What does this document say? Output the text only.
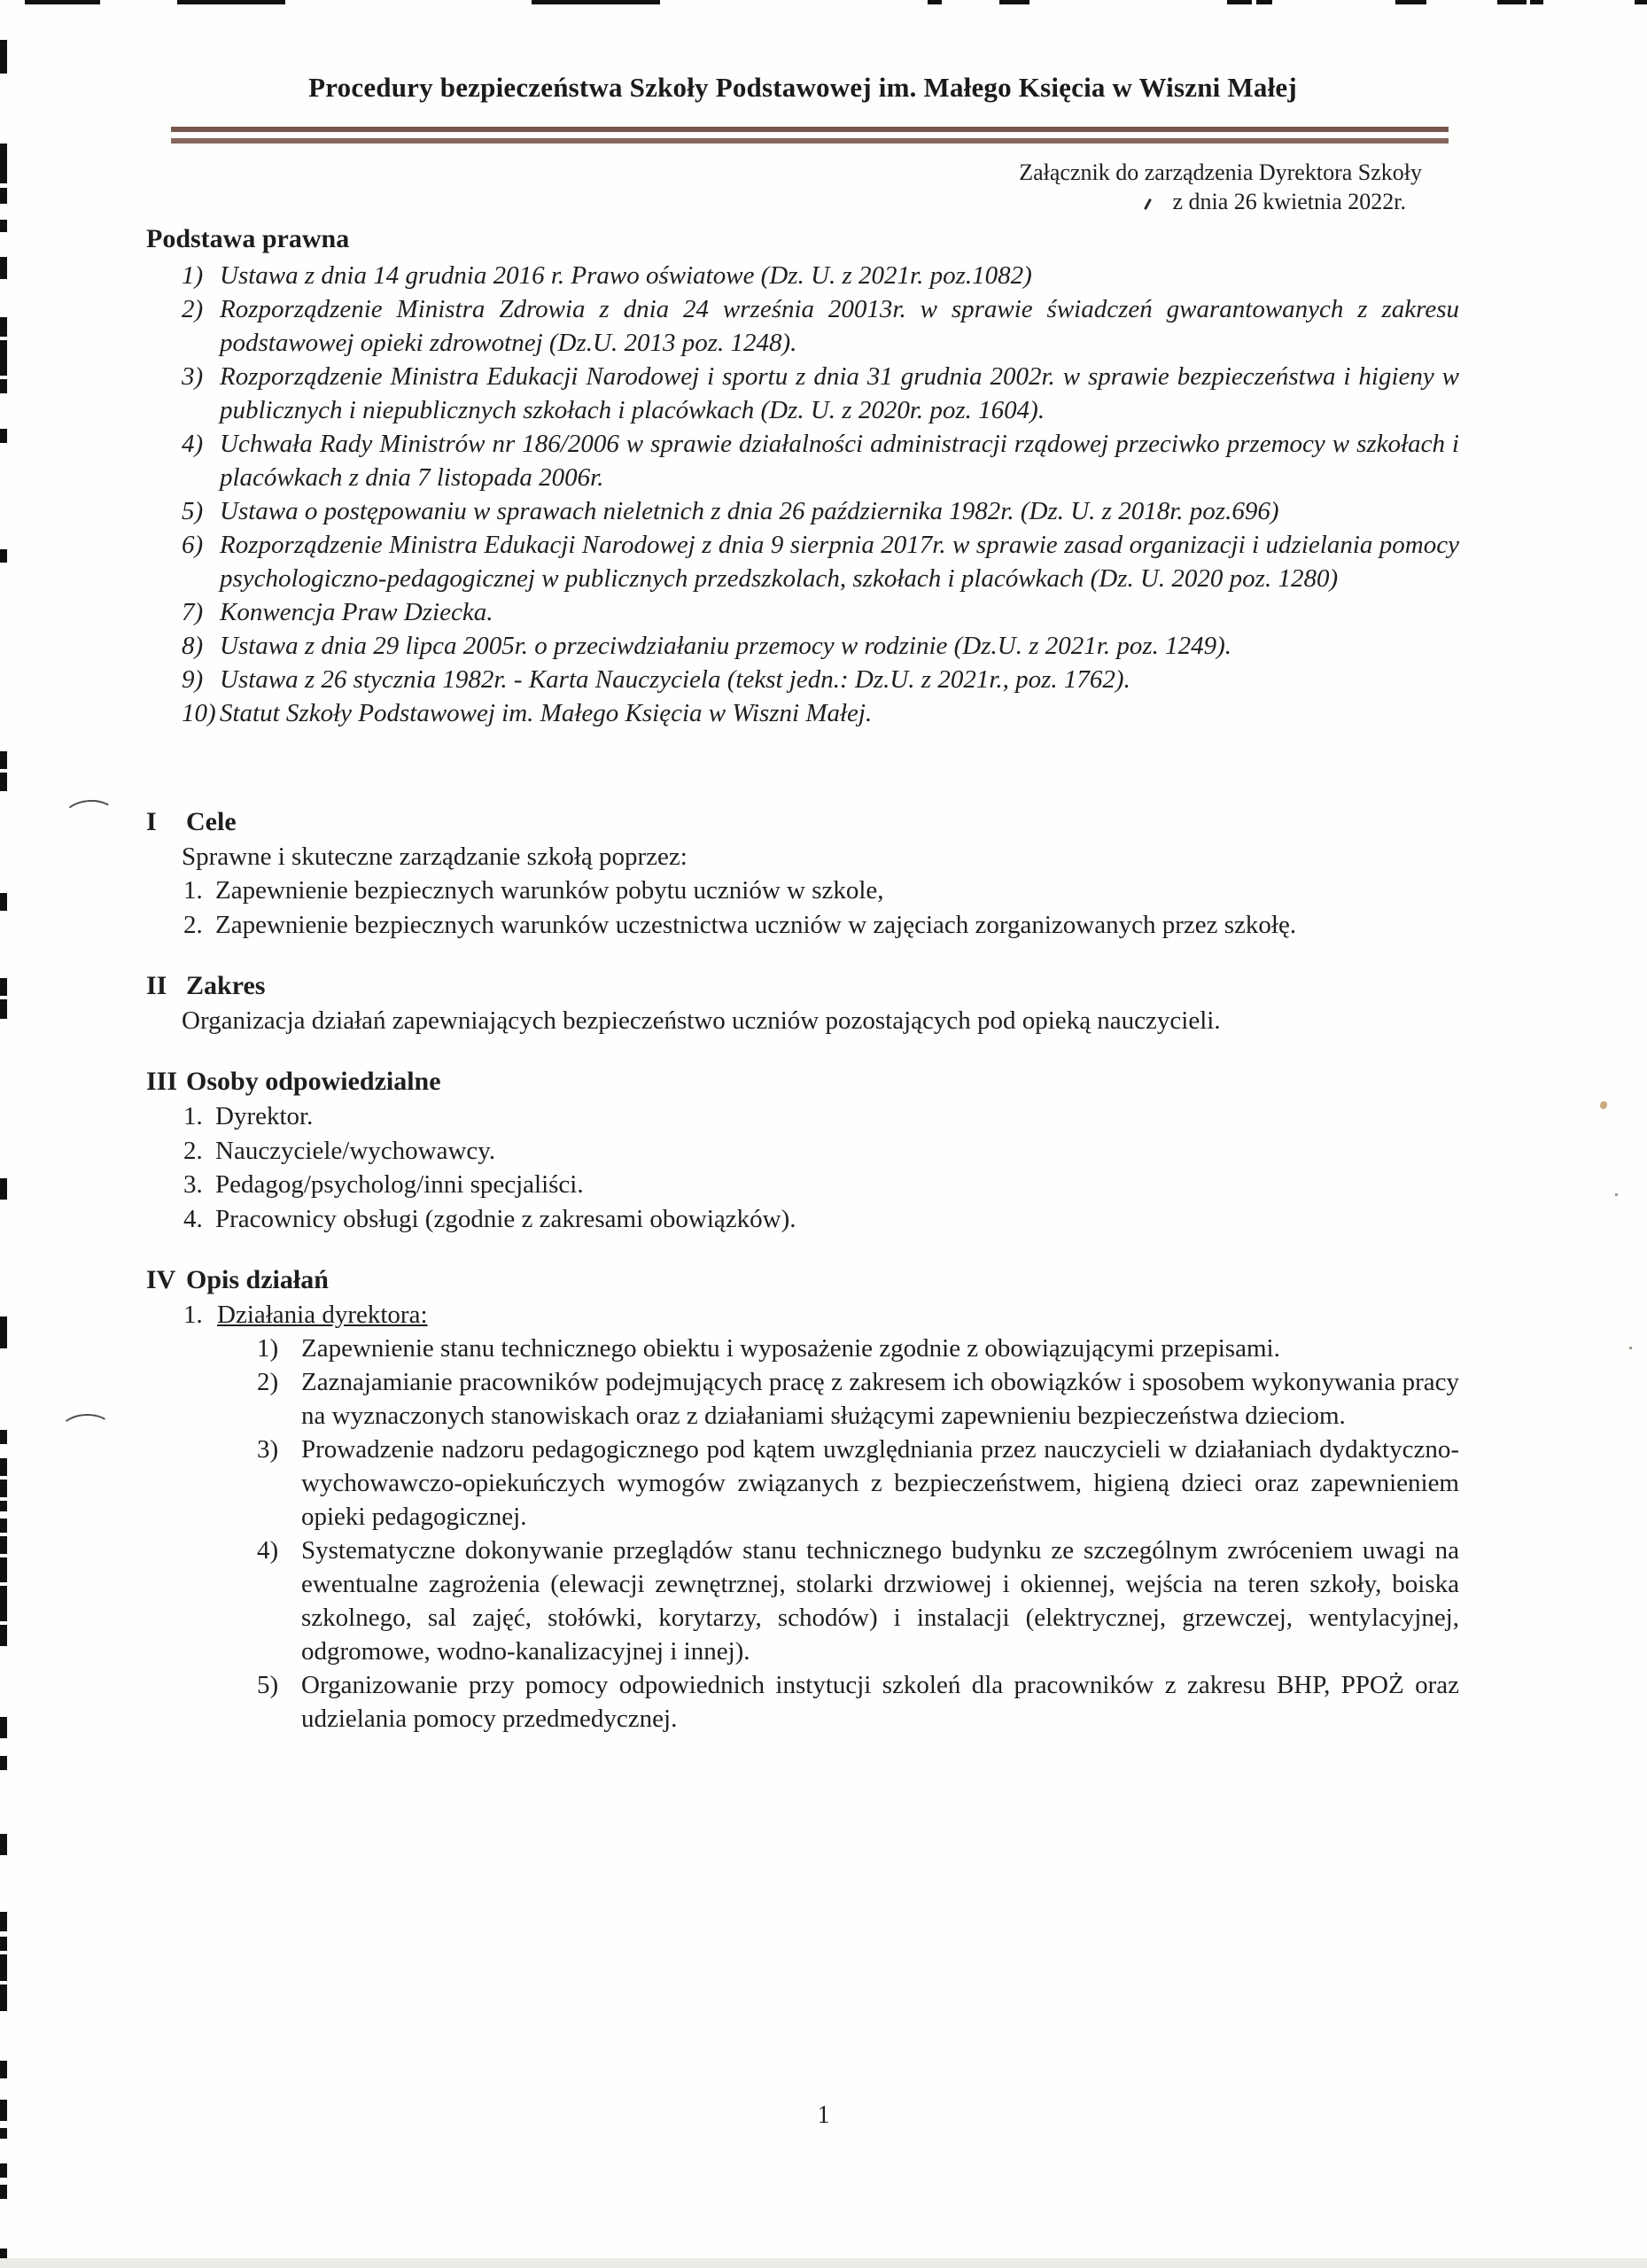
Procedury bezpieczeństwa Szkoły Podstawowej im. Małego Księcia w Wiszni Małej
Załącznik do zarządzenia Dyrektora Szkoły
z dnia 26 kwietnia 2022r.
Podstawa prawna
1) Ustawa z dnia 14 grudnia 2016 r. Prawo oświatowe (Dz. U. z 2021r. poz.1082)
2) Rozporządzenie Ministra Zdrowia z dnia 24 września 20013r. w sprawie świadczeń gwarantowanych z zakresu podstawowej opieki zdrowotnej (Dz.U. 2013 poz. 1248).
3) Rozporządzenie Ministra Edukacji Narodowej i sportu z dnia 31 grudnia 2002r. w sprawie bezpieczeństwa i higieny w publicznych i niepublicznych szkołach i placówkach (Dz. U. z 2020r. poz. 1604).
4) Uchwała Rady Ministrów nr 186/2006 w sprawie działalności administracji rządowej przeciwko przemocy w szkołach i placówkach z dnia 7 listopada 2006r.
5) Ustawa o postępowaniu w sprawach nieletnich z dnia 26 października 1982r. (Dz. U. z 2018r. poz.696)
6) Rozporządzenie Ministra Edukacji Narodowej z dnia 9 sierpnia 2017r. w sprawie zasad organizacji i udzielania pomocy psychologiczno-pedagogicznej w publicznych przedszkolach, szkołach i placówkach (Dz. U. 2020 poz. 1280)
7) Konwencja Praw Dziecka.
8) Ustawa z dnia 29 lipca 2005r. o przeciwdziałaniu przemocy w rodzinie (Dz.U. z 2021r. poz. 1249).
9) Ustawa z 26 stycznia 1982r. - Karta Nauczyciela (tekst jedn.: Dz.U. z 2021r., poz. 1762).
10) Statut Szkoły Podstawowej im. Małego Księcia w Wiszni Małej.
I Cele
Sprawne i skuteczne zarządzanie szkołą poprzez:
1. Zapewnienie bezpiecznych warunków pobytu uczniów w szkole,
2. Zapewnienie bezpiecznych warunków uczestnictwa uczniów w zajęciach zorganizowanych przez szkołę.
II Zakres
Organizacja działań zapewniających bezpieczeństwo uczniów pozostających pod opieką nauczycieli.
III Osoby odpowiedzialne
1. Dyrektor.
2. Nauczyciele/wychowawcy.
3. Pedagog/psycholog/inni specjaliści.
4. Pracownicy obsługi (zgodnie z zakresami obowiązków).
IV Opis działań
1. Działania dyrektora:
1) Zapewnienie stanu technicznego obiektu i wyposażenie zgodnie z obowiązującymi przepisami.
2) Zaznajamianie pracowników podejmujących pracę z zakresem ich obowiązków i sposobem wykonywania pracy na wyznaczonych stanowiskach oraz z działaniami służącymi zapewnieniu bezpieczeństwa dzieciom.
3) Prowadzenie nadzoru pedagogicznego pod kątem uwzględniania przez nauczycieli w działaniach dydaktyczno-wychowawczo-opiekuńczych wymogów związanych z bezpieczeństwem, higieną dzieci oraz zapewnieniem opieki pedagogicznej.
4) Systematyczne dokonywanie przeglądów stanu technicznego budynku ze szczególnym zwróceniem uwagi na ewentualne zagrożenia (elewacji zewnętrznej, stolarki drzwiowej i okiennej, wejścia na teren szkoły, boiska szkolnego, sal zajęć, stołówki, korytarzy, schodów) i instalacji (elektrycznej, grzewczej, wentylacyjnej, odgromowe, wodno-kanalizacyjnej i innej).
5) Organizowanie przy pomocy odpowiednich instytucji szkoleń dla pracowników z zakresu BHP, PPOŻ oraz udzielania pomocy przedmedycznej.
1
